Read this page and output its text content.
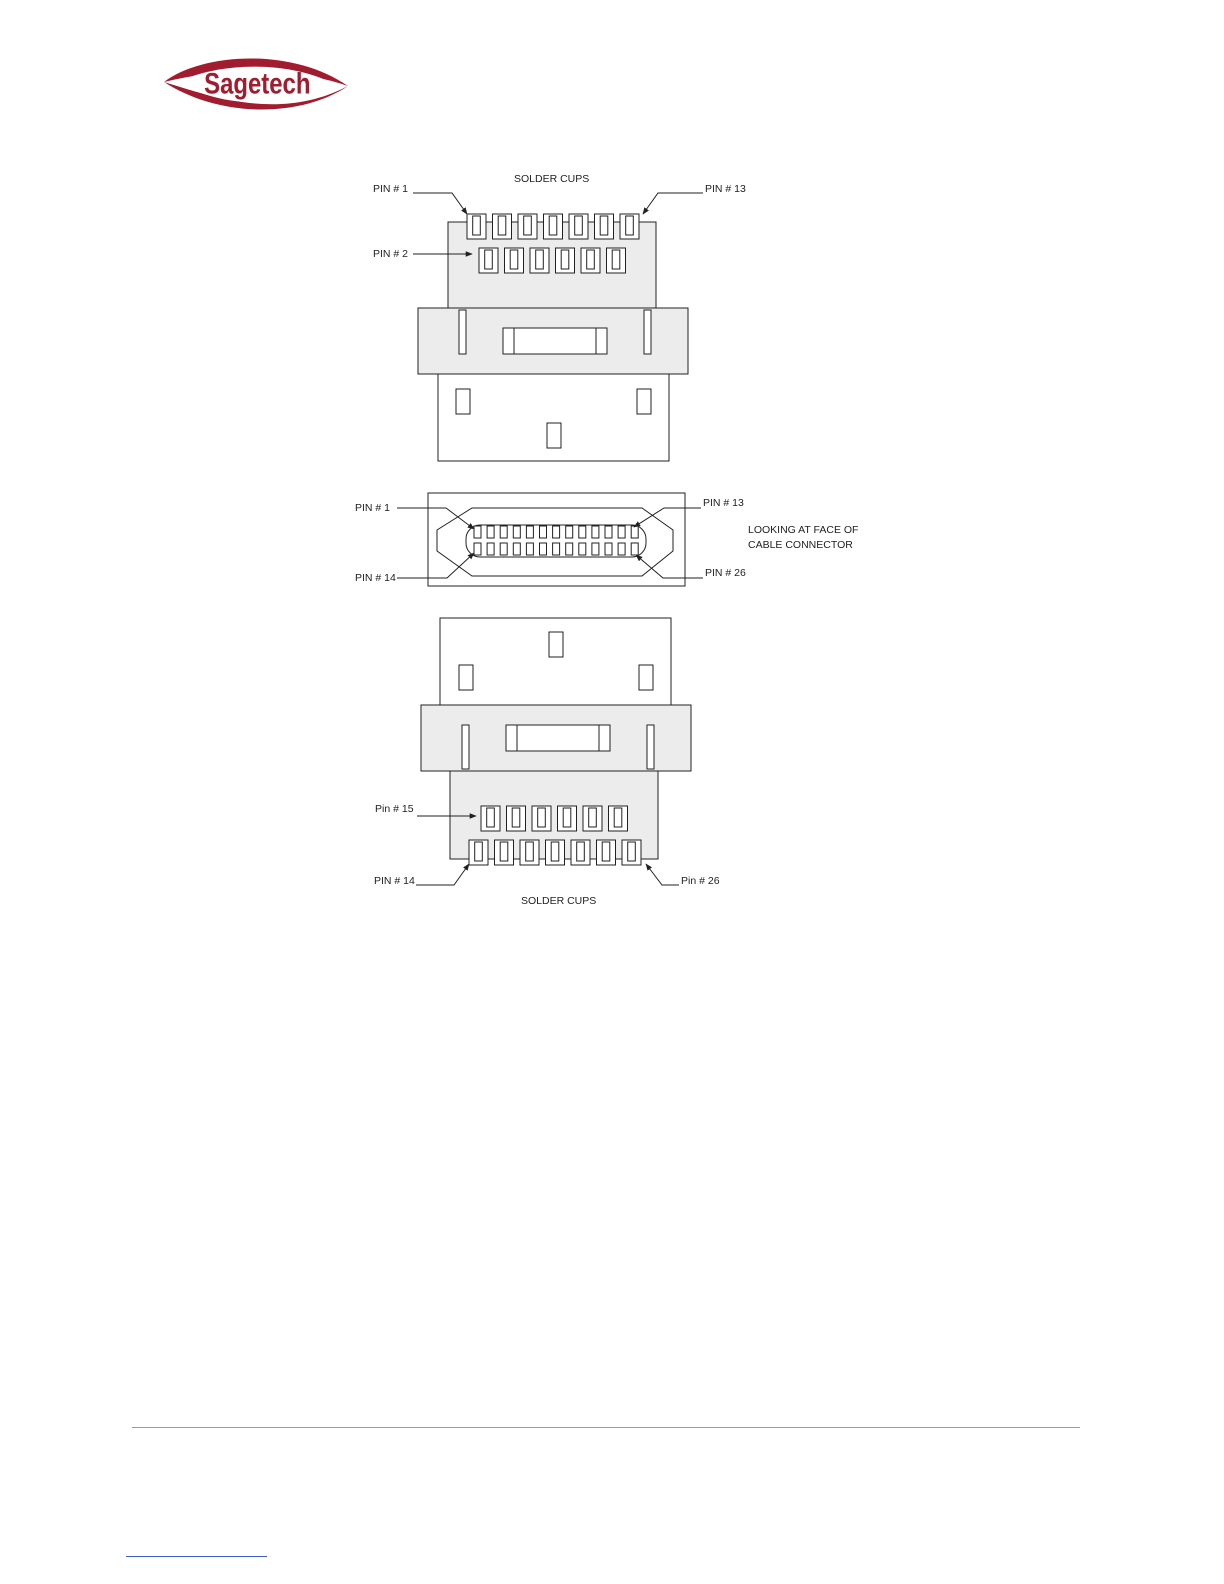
Sagetech
SOLDER CUPS
PIN # 1	PIN # 13
PIN # 2
PIN # 1	PIN # 13
PIN # 14	PIN # 26
LOOKING AT FACE OF
CABLE CONNECTOR
Pin # 15
PIN # 14	Pin # 26
SOLDER CUPS
